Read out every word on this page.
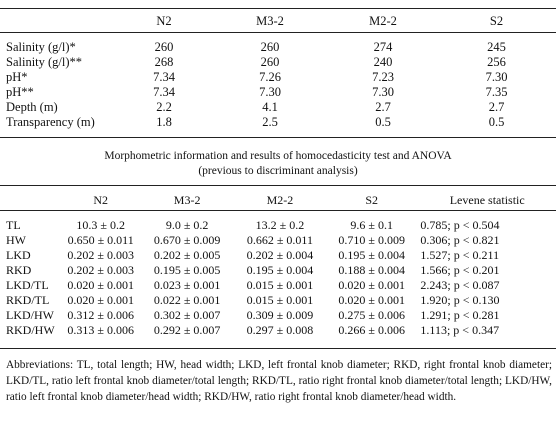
	N2	M3-2	M2-2	S2
Salinity (g/l)*	260	260	274	245
Salinity (g/l)**	268	260	240	256
pH*	7.34	7.26	7.23	7.30
pH**	7.34	7.30	7.30	7.35
Depth (m)	2.2	4.1	2.7	2.7
Transparency (m)	1.8	2.5	0.5	0.5
Morphometric information and results of homocedasticity test and ANOVA
(previous to discriminant analysis)
	N2	M3-2	M2-2	S2	Levene statistic
TL	10.3 ± 0.2	9.0 ± 0.2	13.2 ± 0.2	9.6 ± 0.1	0.785; p < 0.504
HW	0.650 ± 0.011	0.670 ± 0.009	0.662 ± 0.011	0.710 ± 0.009	0.306; p < 0.821
LKD	0.202 ± 0.003	0.202 ± 0.005	0.202 ± 0.004	0.195 ± 0.004	1.527; p < 0.211
RKD	0.202 ± 0.003	0.195 ± 0.005	0.195 ± 0.004	0.188 ± 0.004	1.566; p < 0.201
LKD/TL	0.020 ± 0.001	0.023 ± 0.001	0.015 ± 0.001	0.020 ± 0.001	2.243; p < 0.087
RKD/TL	0.020 ± 0.001	0.022 ± 0.001	0.015 ± 0.001	0.020 ± 0.001	1.920; p < 0.130
LKD/HW	0.312 ± 0.006	0.302 ± 0.007	0.309 ± 0.009	0.275 ± 0.006	1.291; p < 0.281
RKD/HW	0.313 ± 0.006	0.292 ± 0.007	0.297 ± 0.008	0.266 ± 0.006	1.113; p < 0.347
Abbreviations: TL, total length; HW, head width; LKD, left frontal knob diameter; RKD, right frontal knob diameter; LKD/TL, ratio left frontal knob diameter/total length; RKD/TL, ratio right frontal knob diameter/total length; LKD/HW, ratio left frontal knob diameter/head width; RKD/HW, ratio right frontal knob diameter/head width.
